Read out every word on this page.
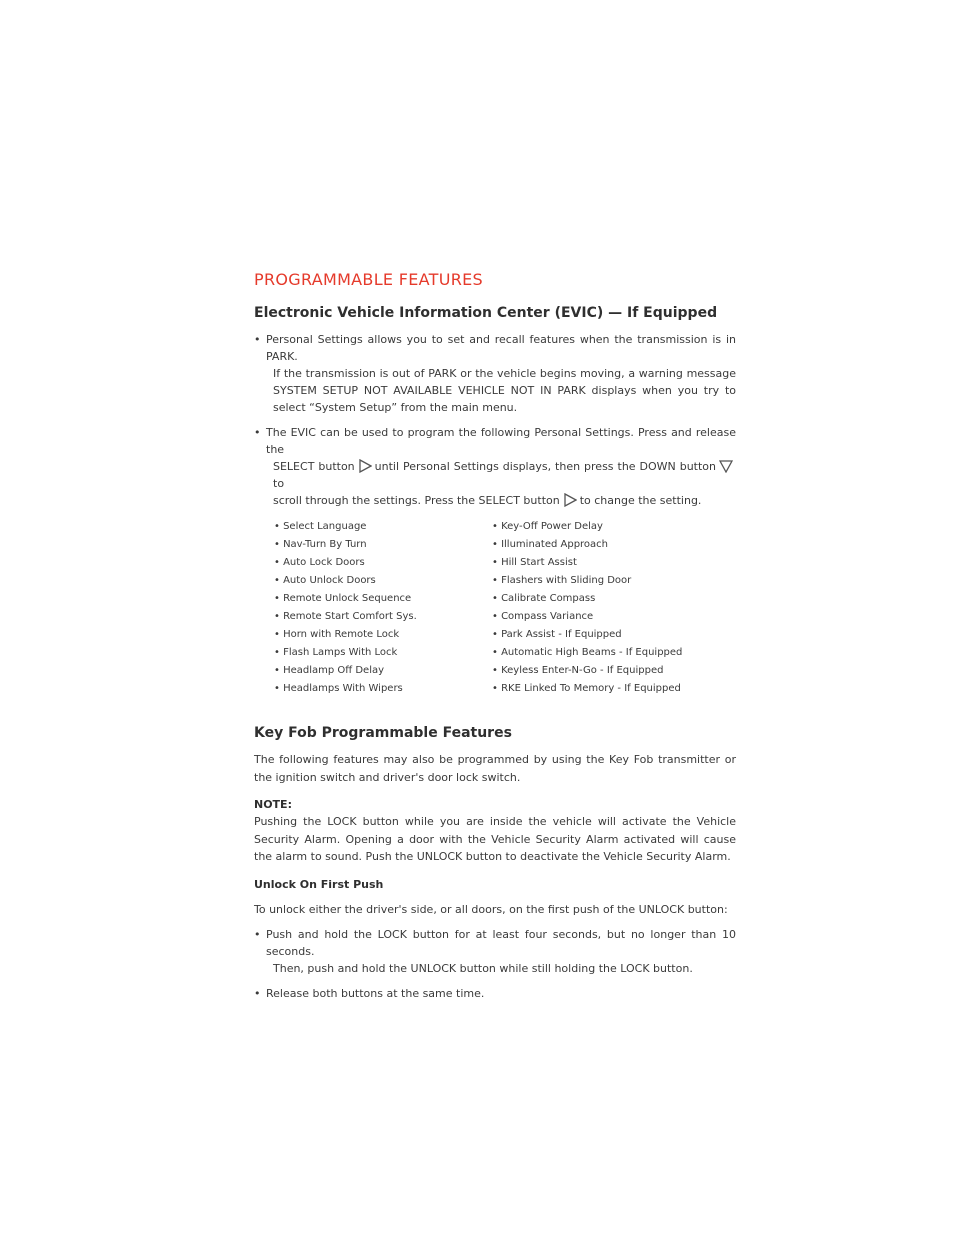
PROGRAMMABLE FEATURES
Electronic Vehicle Information Center (EVIC) — If Equipped
• Personal Settings allows you to set and recall features when the transmission is in PARK.
If the transmission is out of PARK or the vehicle begins moving, a warning message SYSTEM SETUP NOT AVAILABLE VEHICLE NOT IN PARK displays when you try to select “System Setup” from the main menu.
• The EVIC can be used to program the following Personal Settings. Press and release the
SELECT button until Personal Settings displays, then press the DOWN buttonto
scroll through the settings. Press the SELECT button to change the setting.
• Select Language	• Key-Off Power Delay
• Nav-Turn By Turn	• Illuminated Approach
• Auto Lock Doors	• Hill Start Assist
• Auto Unlock Doors	• Flashers with Sliding Door
• Remote Unlock Sequence	• Calibrate Compass
• Remote Start Comfort Sys.	• Compass Variance
• Horn with Remote Lock	• Park Assist - If Equipped
• Flash Lamps With Lock	• Automatic High Beams - If Equipped
• Headlamp Off Delay	• Keyless Enter-N-Go - If Equipped
• Headlamps With Wipers	• RKE Linked To Memory - If Equipped
Key Fob Programmable Features

The following features may also be programmed by using the Key Fob transmitter or the ignition switch and driver's door lock switch.

NOTE:

Pushing the LOCK button while you are inside the vehicle will activate the Vehicle Security Alarm. Opening a door with the Vehicle Security Alarm activated will cause the alarm to sound. Push the UNLOCK button to deactivate the Vehicle Security Alarm.

Unlock On First Push

To unlock either the driver's side, or all doors, on the first push of the UNLOCK button:

• Push and hold the LOCK button for at least four seconds, but no longer than 10 seconds.
Then, push and hold the UNLOCK button while still holding the LOCK button.
• Release both buttons at the same time.
